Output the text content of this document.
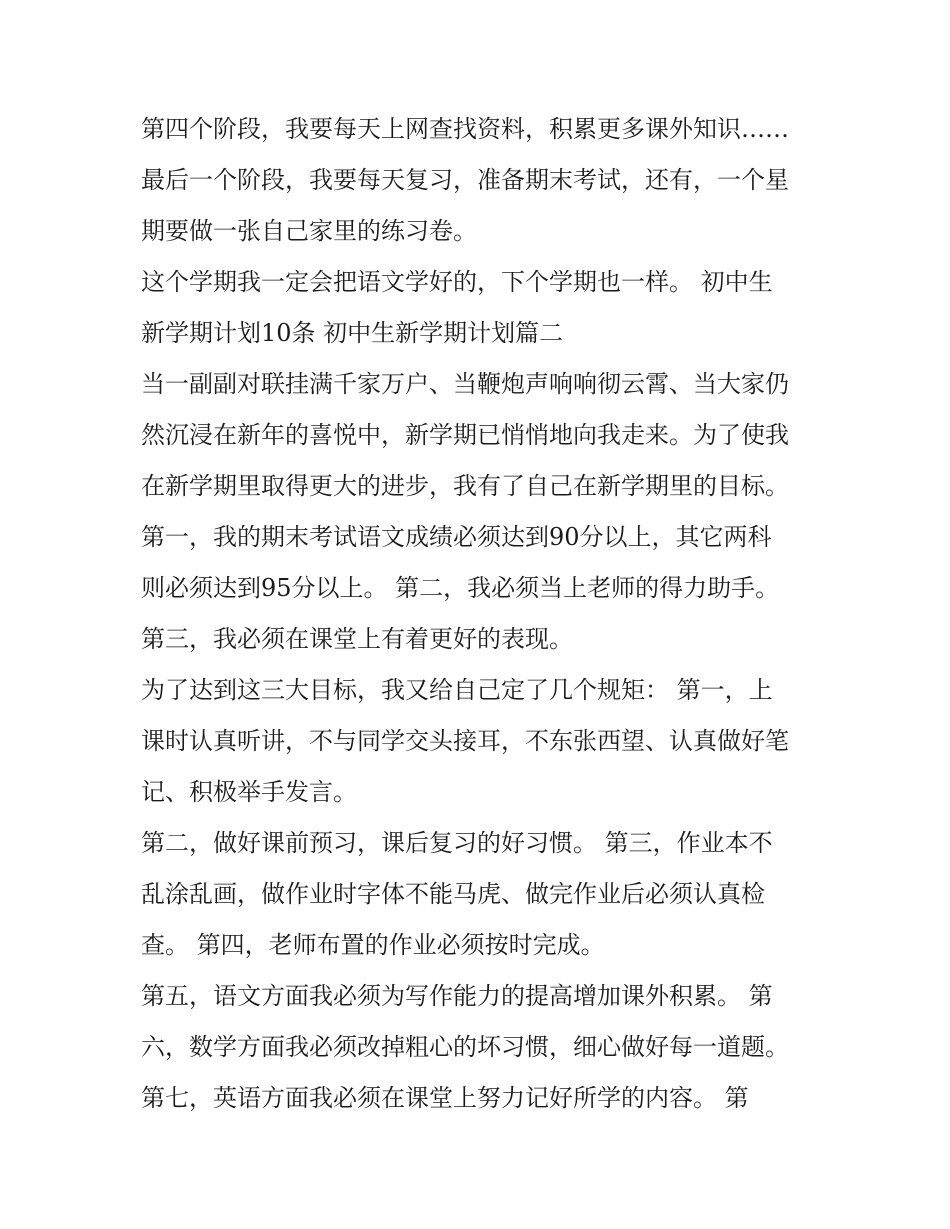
第四个阶段，我要每天上网查找资料，积累更多课外知识……
最后一个阶段，我要每天复习，准备期末考试，还有，一个星
期要做一张自己家里的练习卷。
这个学期我一定会把语文学好的，下个学期也一样。 初中生
新学期计划10条 初中生新学期计划篇二
当一副副对联挂满千家万户、当鞭炮声响响彻云霄、当大家仍
然沉浸在新年的喜悦中，新学期已悄悄地向我走来。为了使我
在新学期里取得更大的进步，我有了自己在新学期里的目标。
第一，我的期末考试语文成绩必须达到90分以上，其它两科
则必须达到95分以上。 第二，我必须当上老师的得力助手。
第三，我必须在课堂上有着更好的表现。
为了达到这三大目标，我又给自己定了几个规矩： 第一，上
课时认真听讲，不与同学交头接耳，不东张西望、认真做好笔
记、积极举手发言。
第二，做好课前预习，课后复习的好习惯。 第三，作业本不
乱涂乱画，做作业时字体不能马虎、做完作业后必须认真检
查。 第四，老师布置的作业必须按时完成。
第五，语文方面我必须为写作能力的提高增加课外积累。 第
六，数学方面我必须改掉粗心的坏习惯，细心做好每一道题。
第七，英语方面我必须在课堂上努力记好所学的内容。 第
